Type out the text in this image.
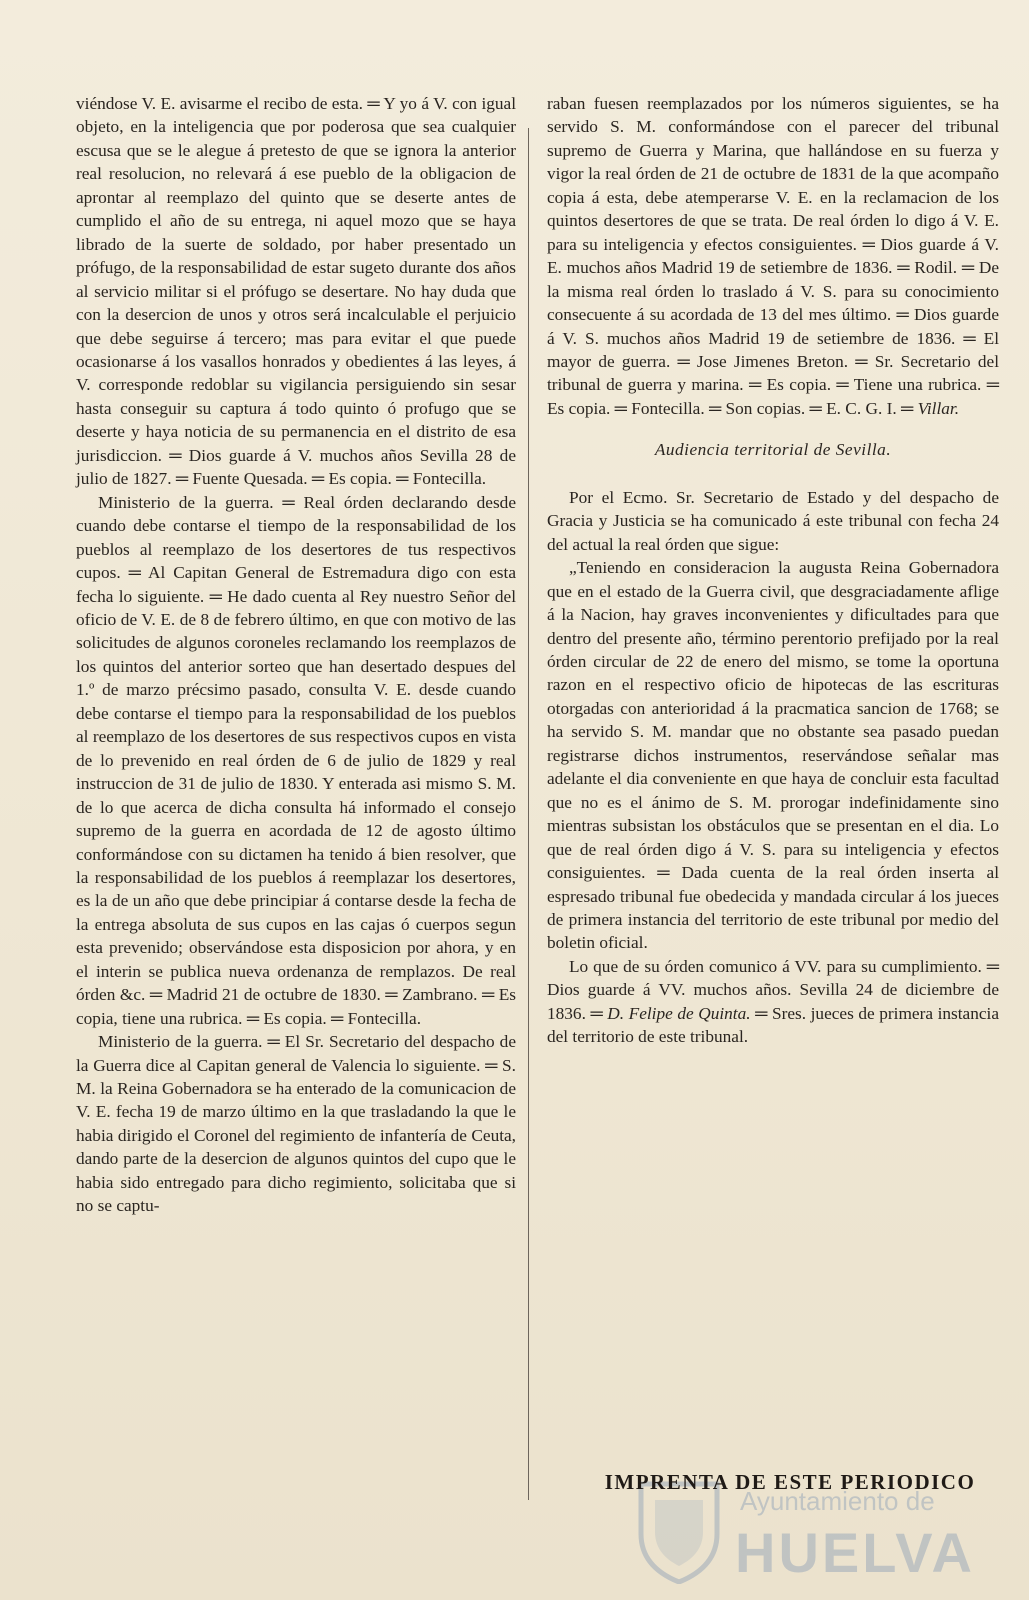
viéndose V. E. avisarme el recibo de esta. ═ Y yo á V. con igual objeto, en la inteligencia que por poderosa que sea cualquier escusa que se le alegue á pretesto de que se ignora la anterior real resolucion, no relevará á ese pueblo de la obligacion de aprontar al reemplazo del quinto que se deserte antes de cumplido el año de su entrega, ni aquel mozo que se haya librado de la suerte de soldado, por haber presentado un prófugo, de la responsabilidad de estar sugeto durante dos años al servicio militar si el prófugo se desertare. No hay duda que con la desercion de unos y otros será incalculable el perjuicio que debe seguirse á tercero; mas para evitar el que puede ocasionarse á los vasallos honrados y obedientes á las leyes, á V. corresponde redoblar su vigilancia persiguiendo sin sesar hasta conseguir su captura á todo quinto ó profugo que se deserte y haya noticia de su permanencia en el distrito de esa jurisdiccion. ═ Dios guarde á V. muchos años Sevilla 28 de julio de 1827. ═ Fuente Quesada. ═ Es copia. ═ Fontecilla.

Ministerio de la guerra. ═ Real órden declarando desde cuando debe contarse el tiempo de la responsabilidad de los pueblos al reemplazo de los desertores de tus respectivos cupos. ═ Al Capitan General de Estremadura digo con esta fecha lo siguiente. ═ He dado cuenta al Rey nuestro Señor del oficio de V. E. de 8 de febrero último, en que con motivo de las solicitudes de algunos coroneles reclamando los reemplazos de los quintos del anterior sorteo que han desertado despues del 1.º de marzo précsimo pasado, consulta V. E. desde cuando debe contarse el tiempo para la responsabilidad de los pueblos al reemplazo de los desertores de sus respectivos cupos en vista de lo prevenido en real órden de 6 de julio de 1829 y real instruccion de 31 de julio de 1830. Y enterada asi mismo S. M. de lo que acerca de dicha consulta há informado el consejo supremo de la guerra en acordada de 12 de agosto último conformándose con su dictamen ha tenido á bien resolver, que la responsabilidad de los pueblos á reemplazar los desertores, es la de un año que debe principiar á contarse desde la fecha de la entrega absoluta de sus cupos en las cajas ó cuerpos segun esta prevenido; observándose esta disposicion por ahora, y en el interin se publica nueva ordenanza de remplazos. De real órden &c. ═ Madrid 21 de octubre de 1830. ═ Zambrano. ═ Es copia, tiene una rubrica. ═ Es copia. ═ Fontecilla.

Ministerio de la guerra. ═ El Sr. Secretario del despacho de la Guerra dice al Capitan general de Valencia lo siguiente. ═ S. M. la Reina Gobernadora se ha enterado de la comunicacion de V. E. fecha 19 de marzo último en la que trasladando la que le habia dirigido el Coronel del regimiento de infantería de Ceuta, dando parte de la desercion de algunos quintos del cupo que le habia sido entregado para dicho regimiento, solicitaba que si no se captu-

raban fuesen reemplazados por los números siguientes, se ha servido S. M. conformándose con el parecer del tribunal supremo de Guerra y Marina, que hallándose en su fuerza y vigor la real órden de 21 de octubre de 1831 de la que acompaño copia á esta, debe atemperarse V. E. en la reclamacion de los quintos desertores de que se trata. De real órden lo digo á V. E. para su inteligencia y efectos consiguientes. ═ Dios guarde á V. E. muchos años Madrid 19 de setiembre de 1836. ═ Rodil. ═ De la misma real órden lo traslado á V. S. para su conocimiento consecuente á su acordada de 13 del mes último. ═ Dios guarde á V. S. muchos años Madrid 19 de setiembre de 1836. ═ El mayor de guerra. ═ Jose Jimenes Breton. ═ Sr. Secretario del tribunal de guerra y marina. ═ Es copia. ═ Tiene una rubrica. ═ Es copia. ═ Fontecilla. ═ Son copias. ═ E. C. G. I. ═ Villar.

Audiencia territorial de Sevilla.

Por el Ecmo. Sr. Secretario de Estado y del despacho de Gracia y Justicia se ha comunicado á este tribunal con fecha 24 del actual la real órden que sigue:

„Teniendo en consideracion la augusta Reina Gobernadora que en el estado de la Guerra civil, que desgraciadamente aflige á la Nacion, hay graves inconvenientes y dificultades para que dentro del presente año, término perentorio prefijado por la real órden circular de 22 de enero del mismo, se tome la oportuna razon en el respectivo oficio de hipotecas de las escrituras otorgadas con anterioridad á la pracmatica sancion de 1768; se ha servido S. M. mandar que no obstante sea pasado puedan registrarse dichos instrumentos, reservándose señalar mas adelante el dia conveniente en que haya de concluir esta facultad que no es el ánimo de S. M. prorogar indefinidamente sino mientras subsistan los obstáculos que se presentan en el dia. Lo que de real órden digo á V. S. para su inteligencia y efectos consiguientes. ═ Dada cuenta de la real órden inserta al espresado tribunal fue obedecida y mandada circular á los jueces de primera instancia del territorio de este tribunal por medio del boletin oficial.

Lo que de su órden comunico á VV. para su cumplimiento. ═ Dios guarde á VV. muchos años. Sevilla 24 de diciembre de 1836. ═ D. Felipe de Quinta. ═ Sres. jueces de primera instancia del territorio de este tribunal.

Ayuntamiento de
HUELVA
IMPRENTA DE ESTE PERIODICO
